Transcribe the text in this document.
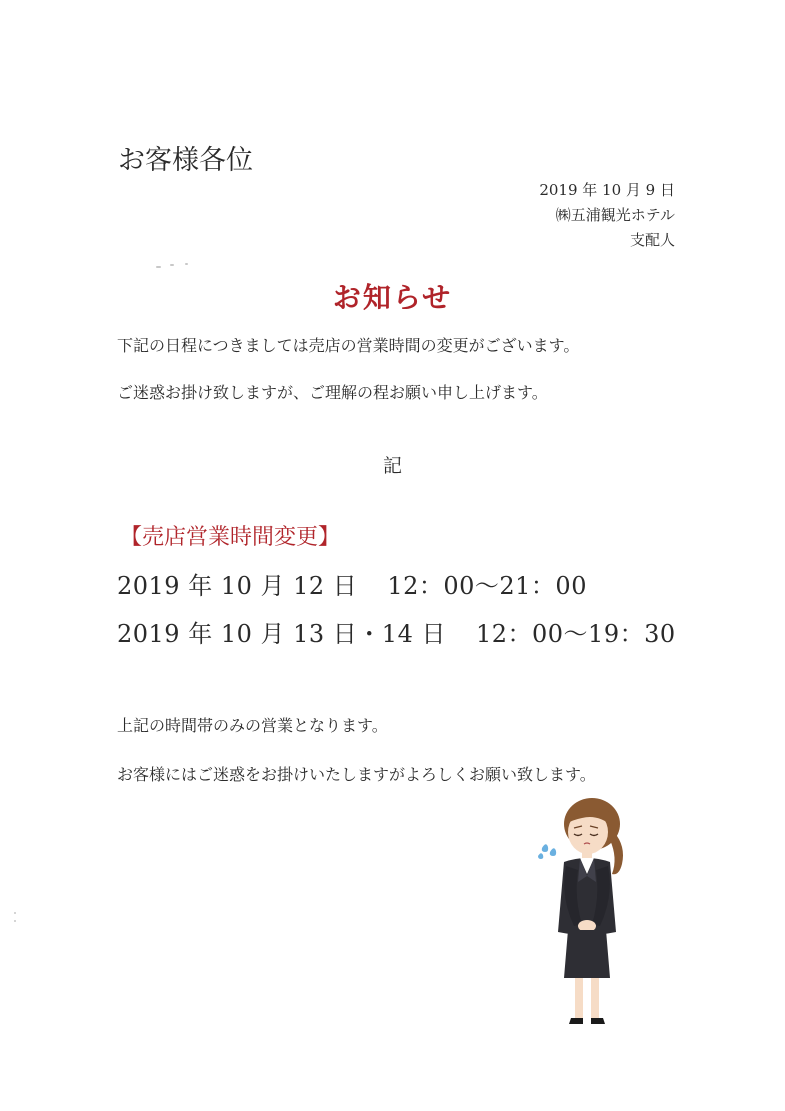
お客様各位
2019 年 10 月 9 日
㈱五浦観光ホテル
支配人
お知らせ
下記の日程につきましては売店の営業時間の変更がございます。
ご迷惑お掛け致しますが、ご理解の程お願い申し上げます。
記
【売店営業時間変更】
2019 年 10 月 12 日 12：00〜21：00
2019 年 10 月 13 日・14 日 12：00〜19：30
上記の時間帯のみの営業となります。
お客様にはご迷惑をお掛けいたしますがよろしくお願い致します。
